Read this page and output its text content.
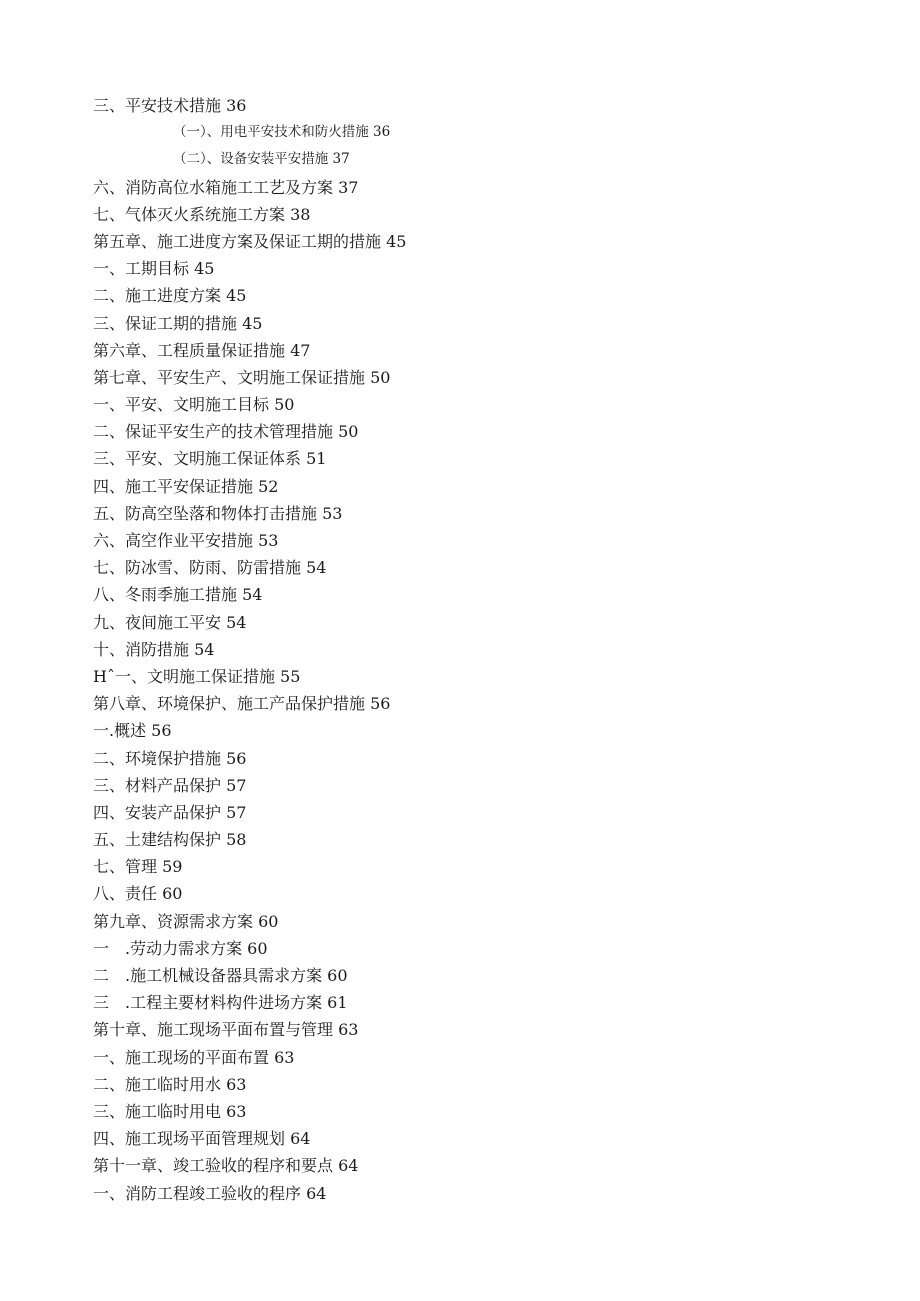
三、平安技术措施 36
（一）、用电平安技术和防火措施 36
（二）、设备安装平安措施 37
六、消防高位水箱施工工艺及方案 37
七、气体灭火系统施工方案 38
第五章、施工进度方案及保证工期的措施 45
一、工期目标 45
二、施工进度方案 45
三、保证工期的措施 45
第六章、工程质量保证措施 47
第七章、平安生产、文明施工保证措施 50
一、平安、文明施工目标 50
二、保证平安生产的技术管理措施 50
三、平安、文明施工保证体系 51
四、施工平安保证措施 52
五、防高空坠落和物体打击措施 53
六、高空作业平安措施 53
七、防冰雪、防雨、防雷措施 54
八、冬雨季施工措施 54
九、夜间施工平安 54
十、消防措施 54
Hˆ一、文明施工保证措施 55
第八章、环境保护、施工产品保护措施 56
一.概述 56
二、环境保护措施 56
三、材料产品保护 57
四、安装产品保护 57
五、土建结构保护 58
七、管理 59
八、责任 60
第九章、资源需求方案 60
一　.劳动力需求方案 60
二　.施工机械设备器具需求方案 60
三　.工程主要材料构件进场方案 61
第十章、施工现场平面布置与管理 63
一、施工现场的平面布置 63
二、施工临时用水 63
三、施工临时用电 63
四、施工现场平面管理规划 64
第十一章、竣工验收的程序和要点 64
一、消防工程竣工验收的程序 64
